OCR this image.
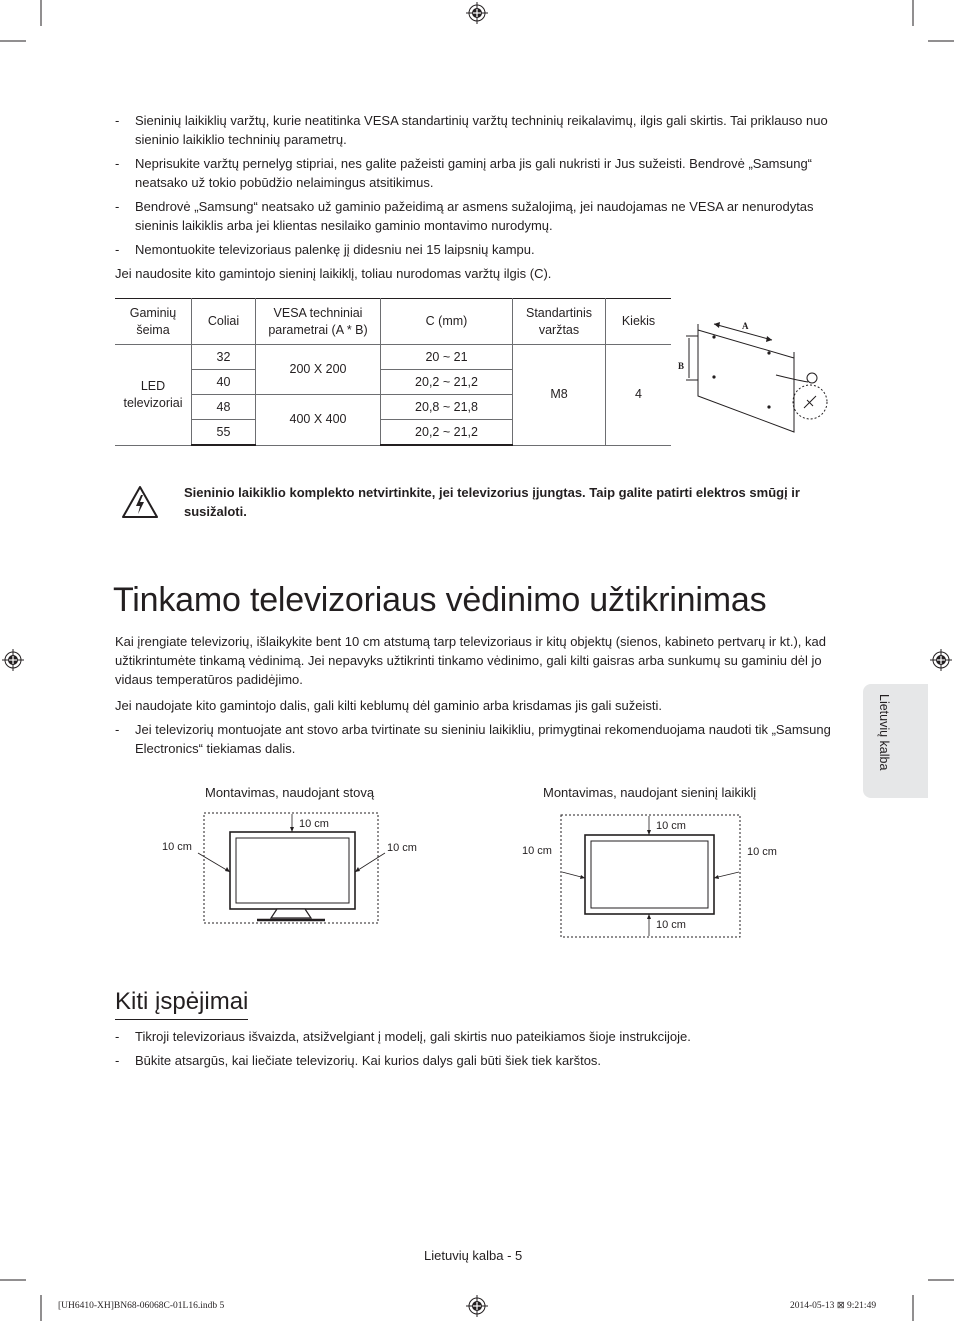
-	Sieninių laikiklių varžtų, kurie neatitinka VESA standartinių varžtų techninių reikalavimų, ilgis gali skirtis. Tai priklauso nuo sieninio laikiklio techninių parametrų.
-	Neprisukite varžtų pernelyg stipriai, nes galite pažeisti gaminį arba jis gali nukristi ir Jus sužeisti. Bendrovė „Samsung“ neatsako už tokio pobūdžio nelaimingus atsitikimus.
-	Bendrovė „Samsung“ neatsako už gaminio pažeidimą ar asmens sužalojimą, jei naudojamas ne VESA ar nenurodytas sieninis laikiklis arba jei klientas nesilaiko gaminio montavimo nurodymų.
-	Nemontuokite televizoriaus palenkę jį didesniu nei 15 laipsnių kampu.
Jei naudosite kito gamintojo sieninį laikiklį, toliau nurodomas varžtų ilgis (C).
Gaminių šeima	Coliai	VESA techniniai parametrai (A * B)	C (mm)	Standartinis varžtas	Kiekis
LED televizoriai	32	200 X 200	20 ~ 21	M8	4
	40		20,2 ~ 21,2		
	48	400 X 400	20,8 ~ 21,8		
	55		20,2 ~ 21,2		
A
B
Sieninio laikiklio komplekto netvirtinkite, jei televizorius įjungtas. Taip galite patirti elektros smūgį ir susižaloti.
Tinkamo televizoriaus vėdinimo užtikrinimas
Kai įrengiate televizorių, išlaikykite bent 10 cm atstumą tarp televizoriaus ir kitų objektų (sienos, kabineto pertvarų ir kt.), kad užtikrintumėte tinkamą vėdinimą. Jei nepavyks užtikrinti tinkamo vėdinimo, gali kilti gaisras arba sunkumų su gaminiu dėl jo vidaus temperatūros padidėjimo.
Jei naudojate kito gamintojo dalis, gali kilti keblumų dėl gaminio arba krisdamas jis gali sužeisti.
-	Jei televizorių montuojate ant stovo arba tvirtinate su sieniniu laikikliu, primygtinai rekomenduojama naudoti tik „Samsung Electronics“ tiekiamas dalis.
Montavimas, naudojant stovą
10 cm
10 cm	10 cm
Montavimas, naudojant sieninį laikiklį
10 cm
10 cm	10 cm
10 cm
Kiti įspėjimai
-	Tikroji televizoriaus išvaizda, atsižvelgiant į modelį, gali skirtis nuo pateikiamos šioje instrukcijoje.
-	Būkite atsargūs, kai liečiate televizorių. Kai kurios dalys gali būti šiek tiek karštos.
Lietuvių kalba
Lietuvių kalba - 5
[UH6410-XH]BN68-06068C-01L16.indb 5	2014-05-13 ⊠ 9:21:49
